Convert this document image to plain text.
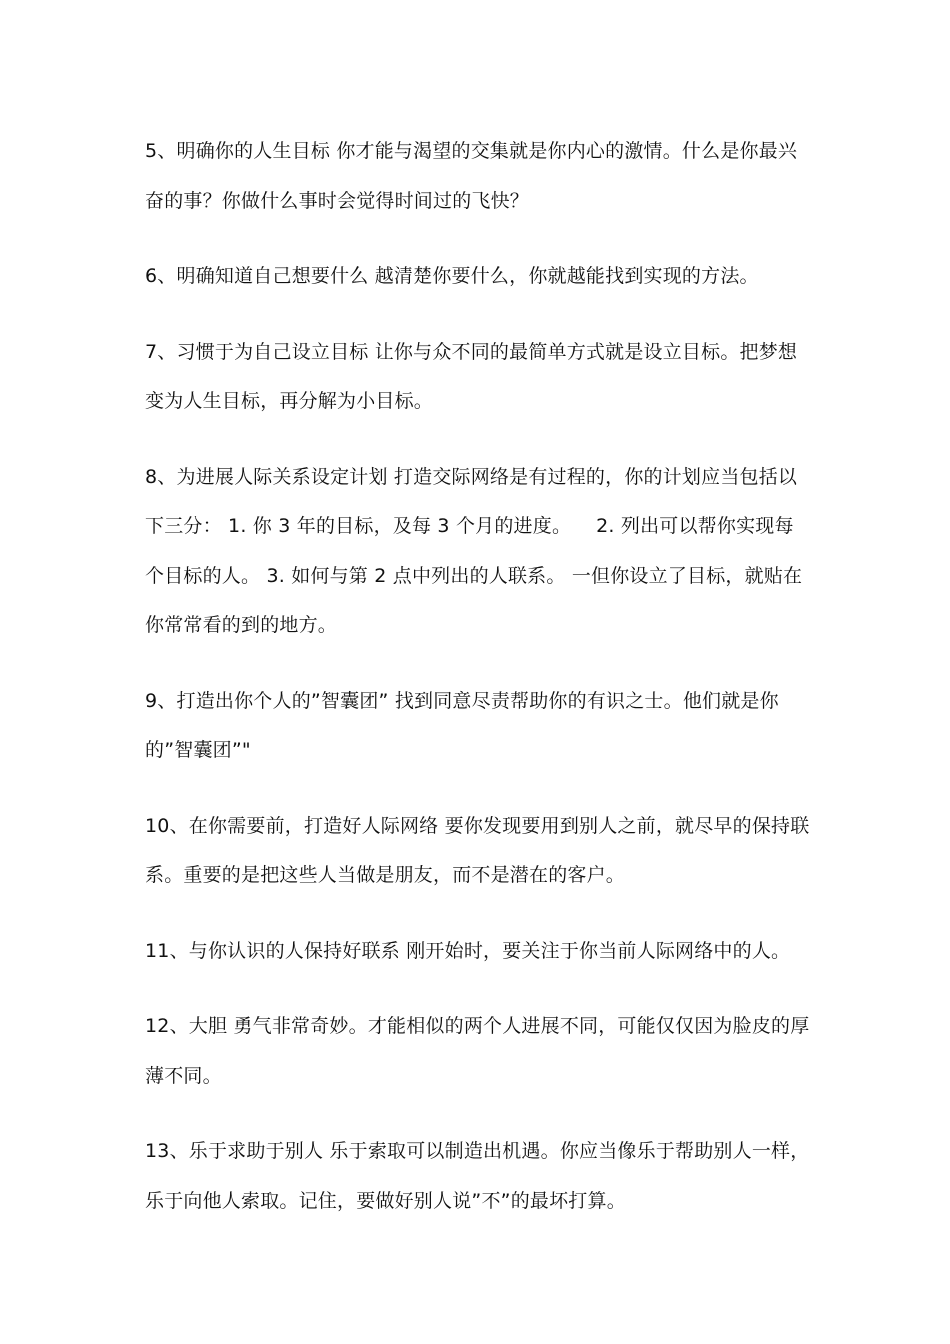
5、明确你的人生目标 你才能与渴望的交集就是你内心的激情。什么是你最兴奋的事？你做什么事时会觉得时间过的飞快？

6、明确知道自己想要什么 越清楚你要什么，你就越能找到实现的方法。

7、习惯于为自己设立目标 让你与众不同的最简单方式就是设立目标。把梦想变为人生目标，再分解为小目标。

8、为进展人际关系设定计划 打造交际网络是有过程的，你的计划应当包括以下三分： 1. 你 3 年的目标，及每 3 个月的进度。    2. 列出可以帮你实现每个目标的人。 3. 如何与第 2 点中列出的人联系。 一但你设立了目标，就贴在你常常看的到的地方。

9、打造出你个人的”智囊团” 找到同意尽责帮助你的有识之士。他们就是你的”智囊团”"

10、在你需要前，打造好人际网络 要你发现要用到别人之前，就尽早的保持联系。重要的是把这些人当做是朋友，而不是潜在的客户。

11、与你认识的人保持好联系 刚开始时，要关注于你当前人际网络中的人。

12、大胆 勇气非常奇妙。才能相似的两个人进展不同，可能仅仅因为脸皮的厚薄不同。

13、乐于求助于别人 乐于索取可以制造出机遇。你应当像乐于帮助别人一样，乐于向他人索取。记住，要做好别人说”不”的最坏打算。
